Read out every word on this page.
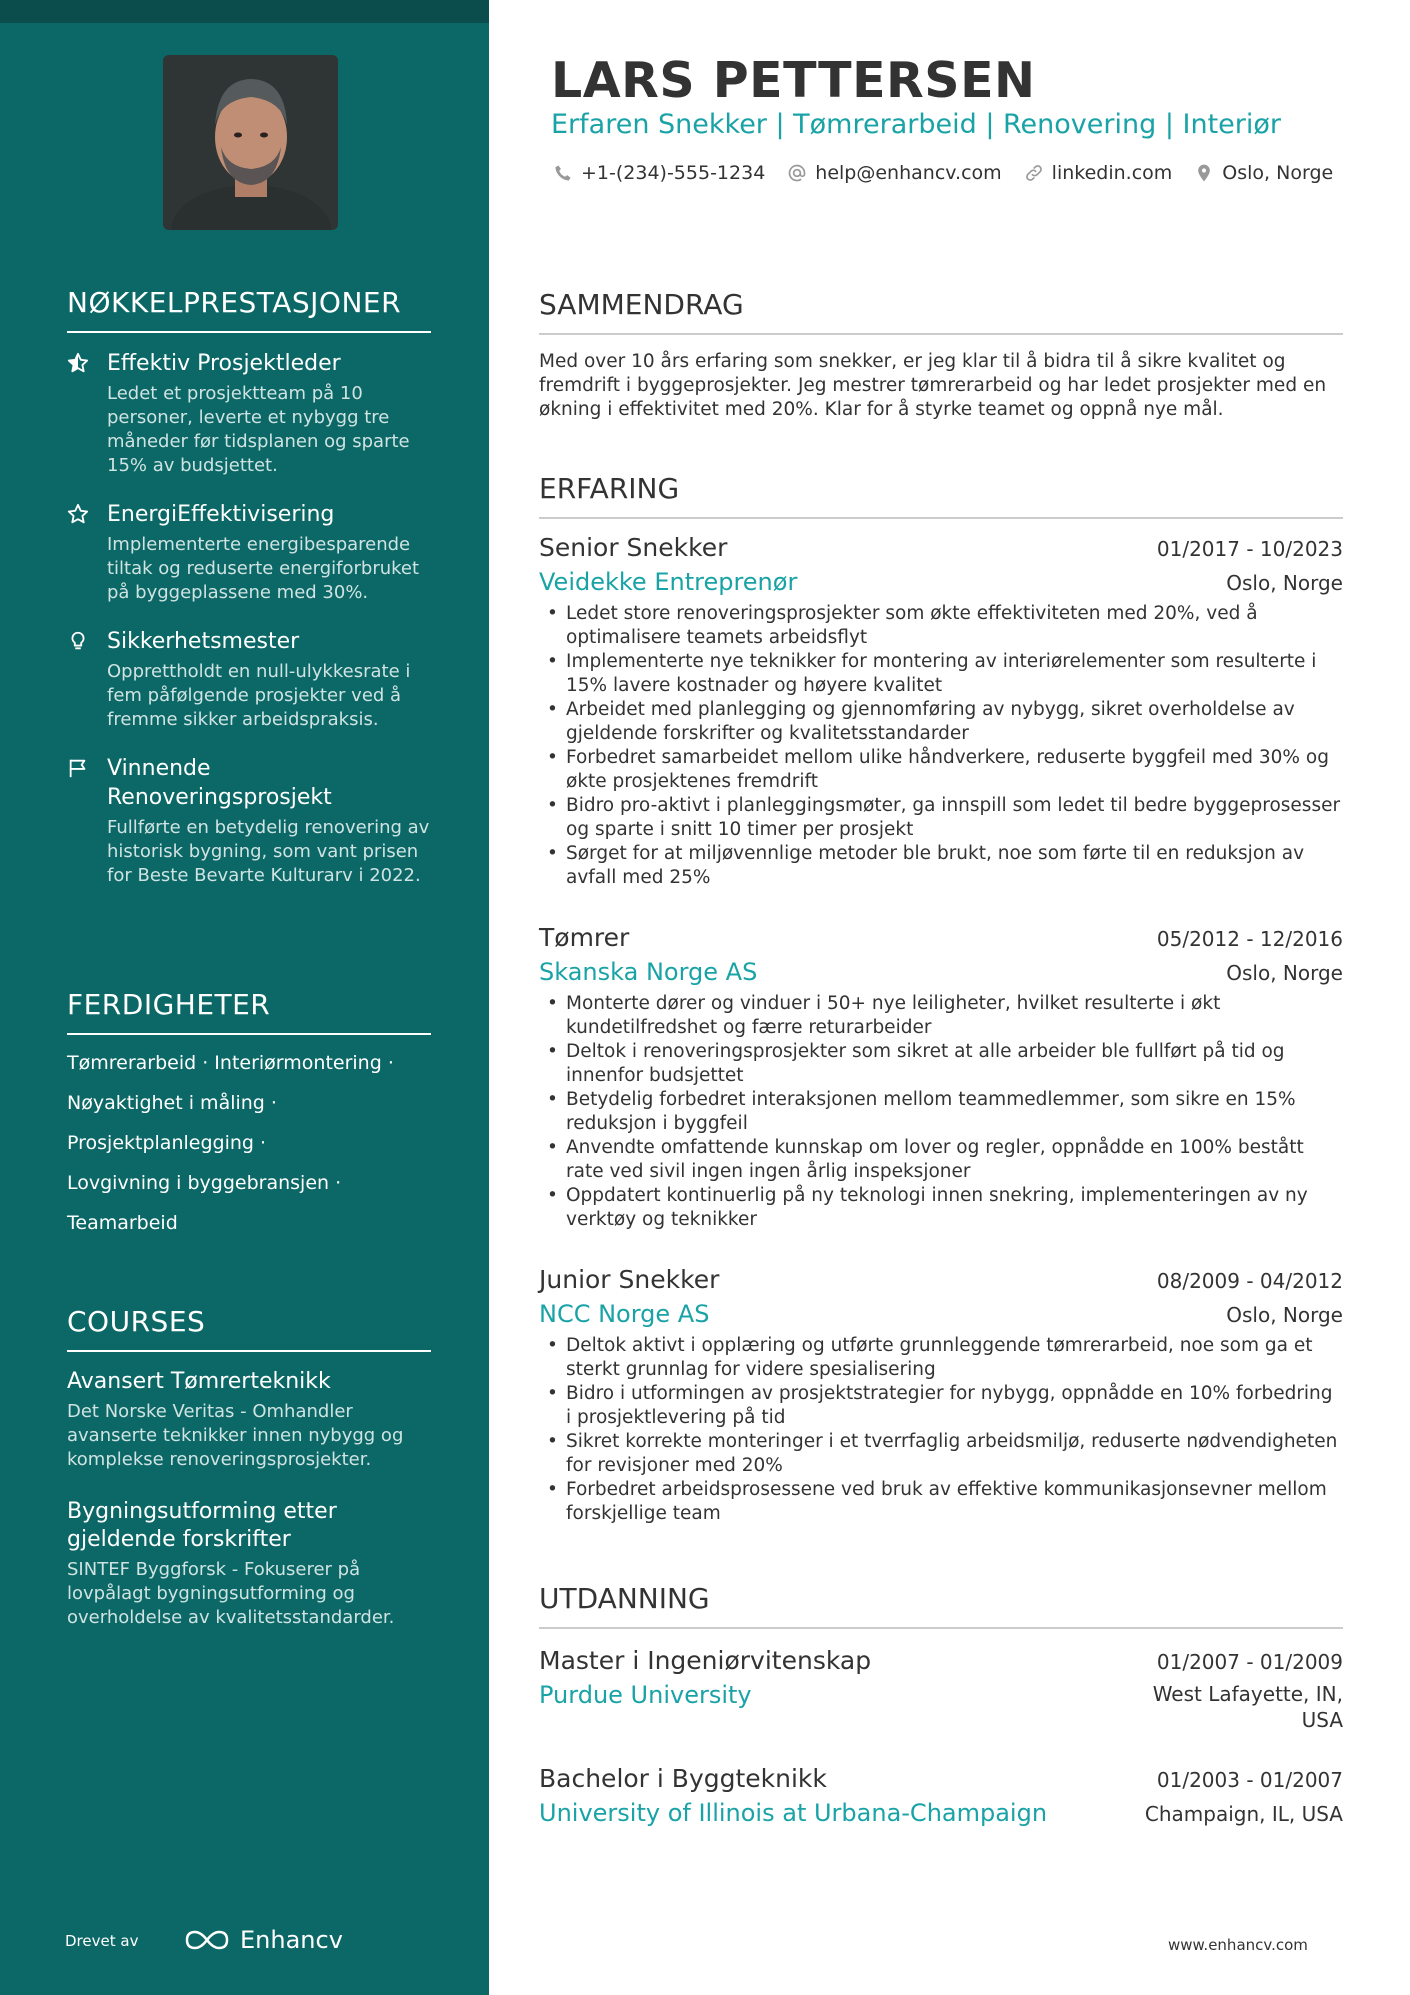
NØKKELPRESTASJONER
Effektiv Prosjektleder
Ledet et prosjektteam på 10 personer, leverte et nybygg tre måneder før tidsplanen og sparte 15% av budsjettet.
EnergiEffektivisering
Implementerte energibesparende tiltak og reduserte energiforbruket på byggeplassene med 30%.
Sikkerhetsmester
Opprettholdt en null-ulykkesrate i fem påfølgende prosjekter ved å fremme sikker arbeidspraksis.
Vinnende Renoveringsprosjekt
Fullførte en betydelig renovering av historisk bygning, som vant prisen for Beste Bevarte Kulturarv i 2022.
FERDIGHETER
Tømrerarbeid · Interiørmontering ·
Nøyaktighet i måling ·
Prosjektplanlegging ·
Lovgivning i byggebransjen ·
Teamarbeid
COURSES
Avansert Tømrerteknikk
Det Norske Veritas - Omhandler avanserte teknikker innen nybygg og komplekse renoveringsprosjekter.
Bygningsutforming etter gjeldende forskrifter
SINTEF Byggforsk - Fokuserer på lovpålagt bygningsutforming og overholdelse av kvalitetsstandarder.
Drevet av	Enhancv
LARS PETTERSEN
Erfaren Snekker | Tømrerarbeid | Renovering | Interiør
+1-(234)-555-1234	help@enhancv.com	linkedin.com	Oslo, Norge
SAMMENDRAG
Med over 10 års erfaring som snekker, er jeg klar til å bidra til å sikre kvalitet og fremdrift i byggeprosjekter. Jeg mestrer tømrerarbeid og har ledet prosjekter med en økning i effektivitet med 20%. Klar for å styrke teamet og oppnå nye mål.
ERFARING
Senior Snekker	01/2017 - 10/2023
Veidekke Entreprenør	Oslo, Norge
• Ledet store renoveringsprosjekter som økte effektiviteten med 20%, ved å optimalisere teamets arbeidsflyt
• Implementerte nye teknikker for montering av interiørelementer som resulterte i 15% lavere kostnader og høyere kvalitet
• Arbeidet med planlegging og gjennomføring av nybygg, sikret overholdelse av gjeldende forskrifter og kvalitetsstandarder
• Forbedret samarbeidet mellom ulike håndverkere, reduserte byggfeil med 30% og økte prosjektenes fremdrift
• Bidro pro-aktivt i planleggingsmøter, ga innspill som ledet til bedre byggeprosesser og sparte i snitt 10 timer per prosjekt
• Sørget for at miljøvennlige metoder ble brukt, noe som førte til en reduksjon av avfall med 25%
Tømrer	05/2012 - 12/2016
Skanska Norge AS	Oslo, Norge
• Monterte dører og vinduer i 50+ nye leiligheter, hvilket resulterte i økt kundetilfredshet og færre returarbeider
• Deltok i renoveringsprosjekter som sikret at alle arbeider ble fullført på tid og innenfor budsjettet
• Betydelig forbedret interaksjonen mellom teammedlemmer, som sikre en 15% reduksjon i byggfeil
• Anvendte omfattende kunnskap om lover og regler, oppnådde en 100% bestått rate ved sivil ingen ingen årlig inspeksjoner
• Oppdatert kontinuerlig på ny teknologi innen snekring, implementeringen av ny verktøy og teknikker
Junior Snekker	08/2009 - 04/2012
NCC Norge AS	Oslo, Norge
• Deltok aktivt i opplæring og utførte grunnleggende tømrerarbeid, noe som ga et sterkt grunnlag for videre spesialisering
• Bidro i utformingen av prosjektstrategier for nybygg, oppnådde en 10% forbedring i prosjektlevering på tid
• Sikret korrekte monteringer i et tverrfaglig arbeidsmiljø, reduserte nødvendigheten for revisjoner med 20%
• Forbedret arbeidsprosessene ved bruk av effektive kommunikasjonsevner mellom forskjellige team
UTDANNING
Master i Ingeniørvitenskap	01/2007 - 01/2009
Purdue University	West Lafayette, IN, USA
Bachelor i Byggteknikk	01/2003 - 01/2007
University of Illinois at Urbana-Champaign	Champaign, IL, USA
www.enhancv.com
